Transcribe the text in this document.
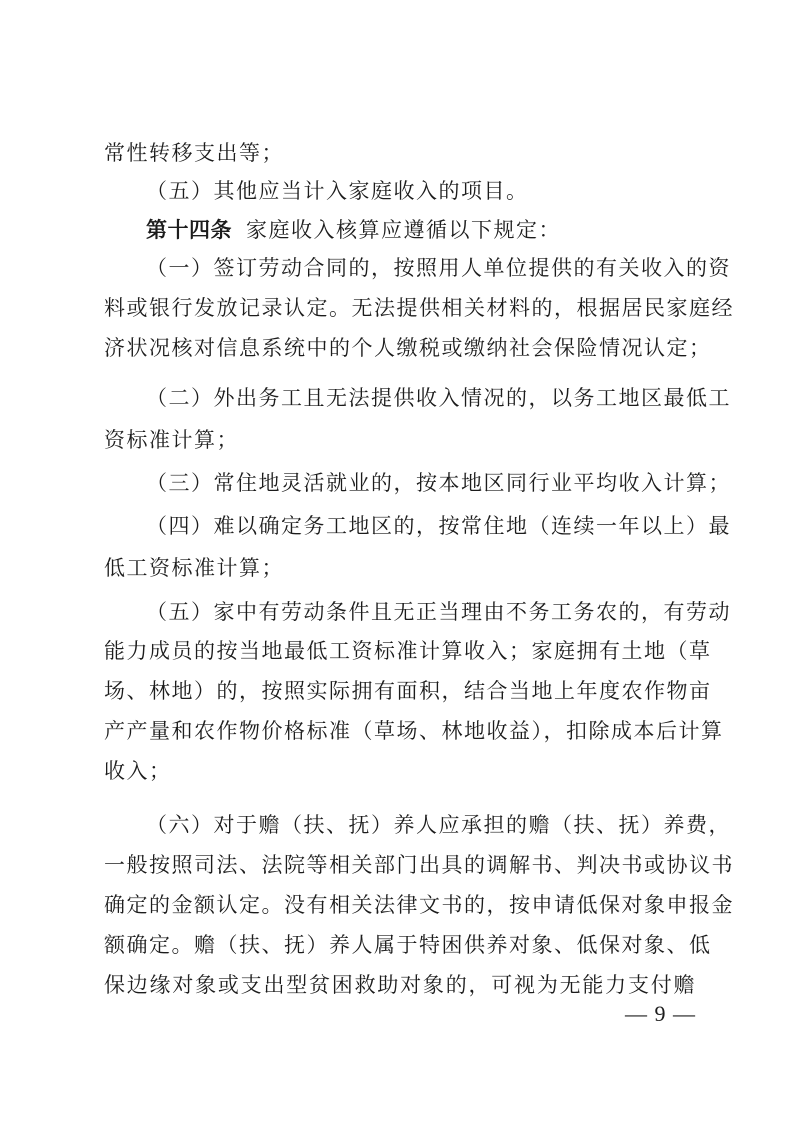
常性转移支出等；
（五）其他应当计入家庭收入的项目。
第十四条 家庭收入核算应遵循以下规定：
（一）签订劳动合同的，按照用人单位提供的有关收入的资
料或银行发放记录认定。无法提供相关材料的，根据居民家庭经
济状况核对信息系统中的个人缴税或缴纳社会保险情况认定；
（二）外出务工且无法提供收入情况的，以务工地区最低工
资标准计算；
（三）常住地灵活就业的，按本地区同行业平均收入计算；
（四）难以确定务工地区的，按常住地（连续一年以上）最
低工资标准计算；
（五）家中有劳动条件且无正当理由不务工务农的，有劳动
能力成员的按当地最低工资标准计算收入；家庭拥有土地（草
场、林地）的，按照实际拥有面积，结合当地上年度农作物亩
产产量和农作物价格标准（草场、林地收益），扣除成本后计算
收入；
（六）对于赡（扶、抚）养人应承担的赡（扶、抚）养费，
一般按照司法、法院等相关部门出具的调解书、判决书或协议书
确定的金额认定。没有相关法律文书的，按申请低保对象申报金
额确定。赡（扶、抚）养人属于特困供养对象、低保对象、低
保边缘对象或支出型贫困救助对象的，可视为无能力支付赡
— 9 —
